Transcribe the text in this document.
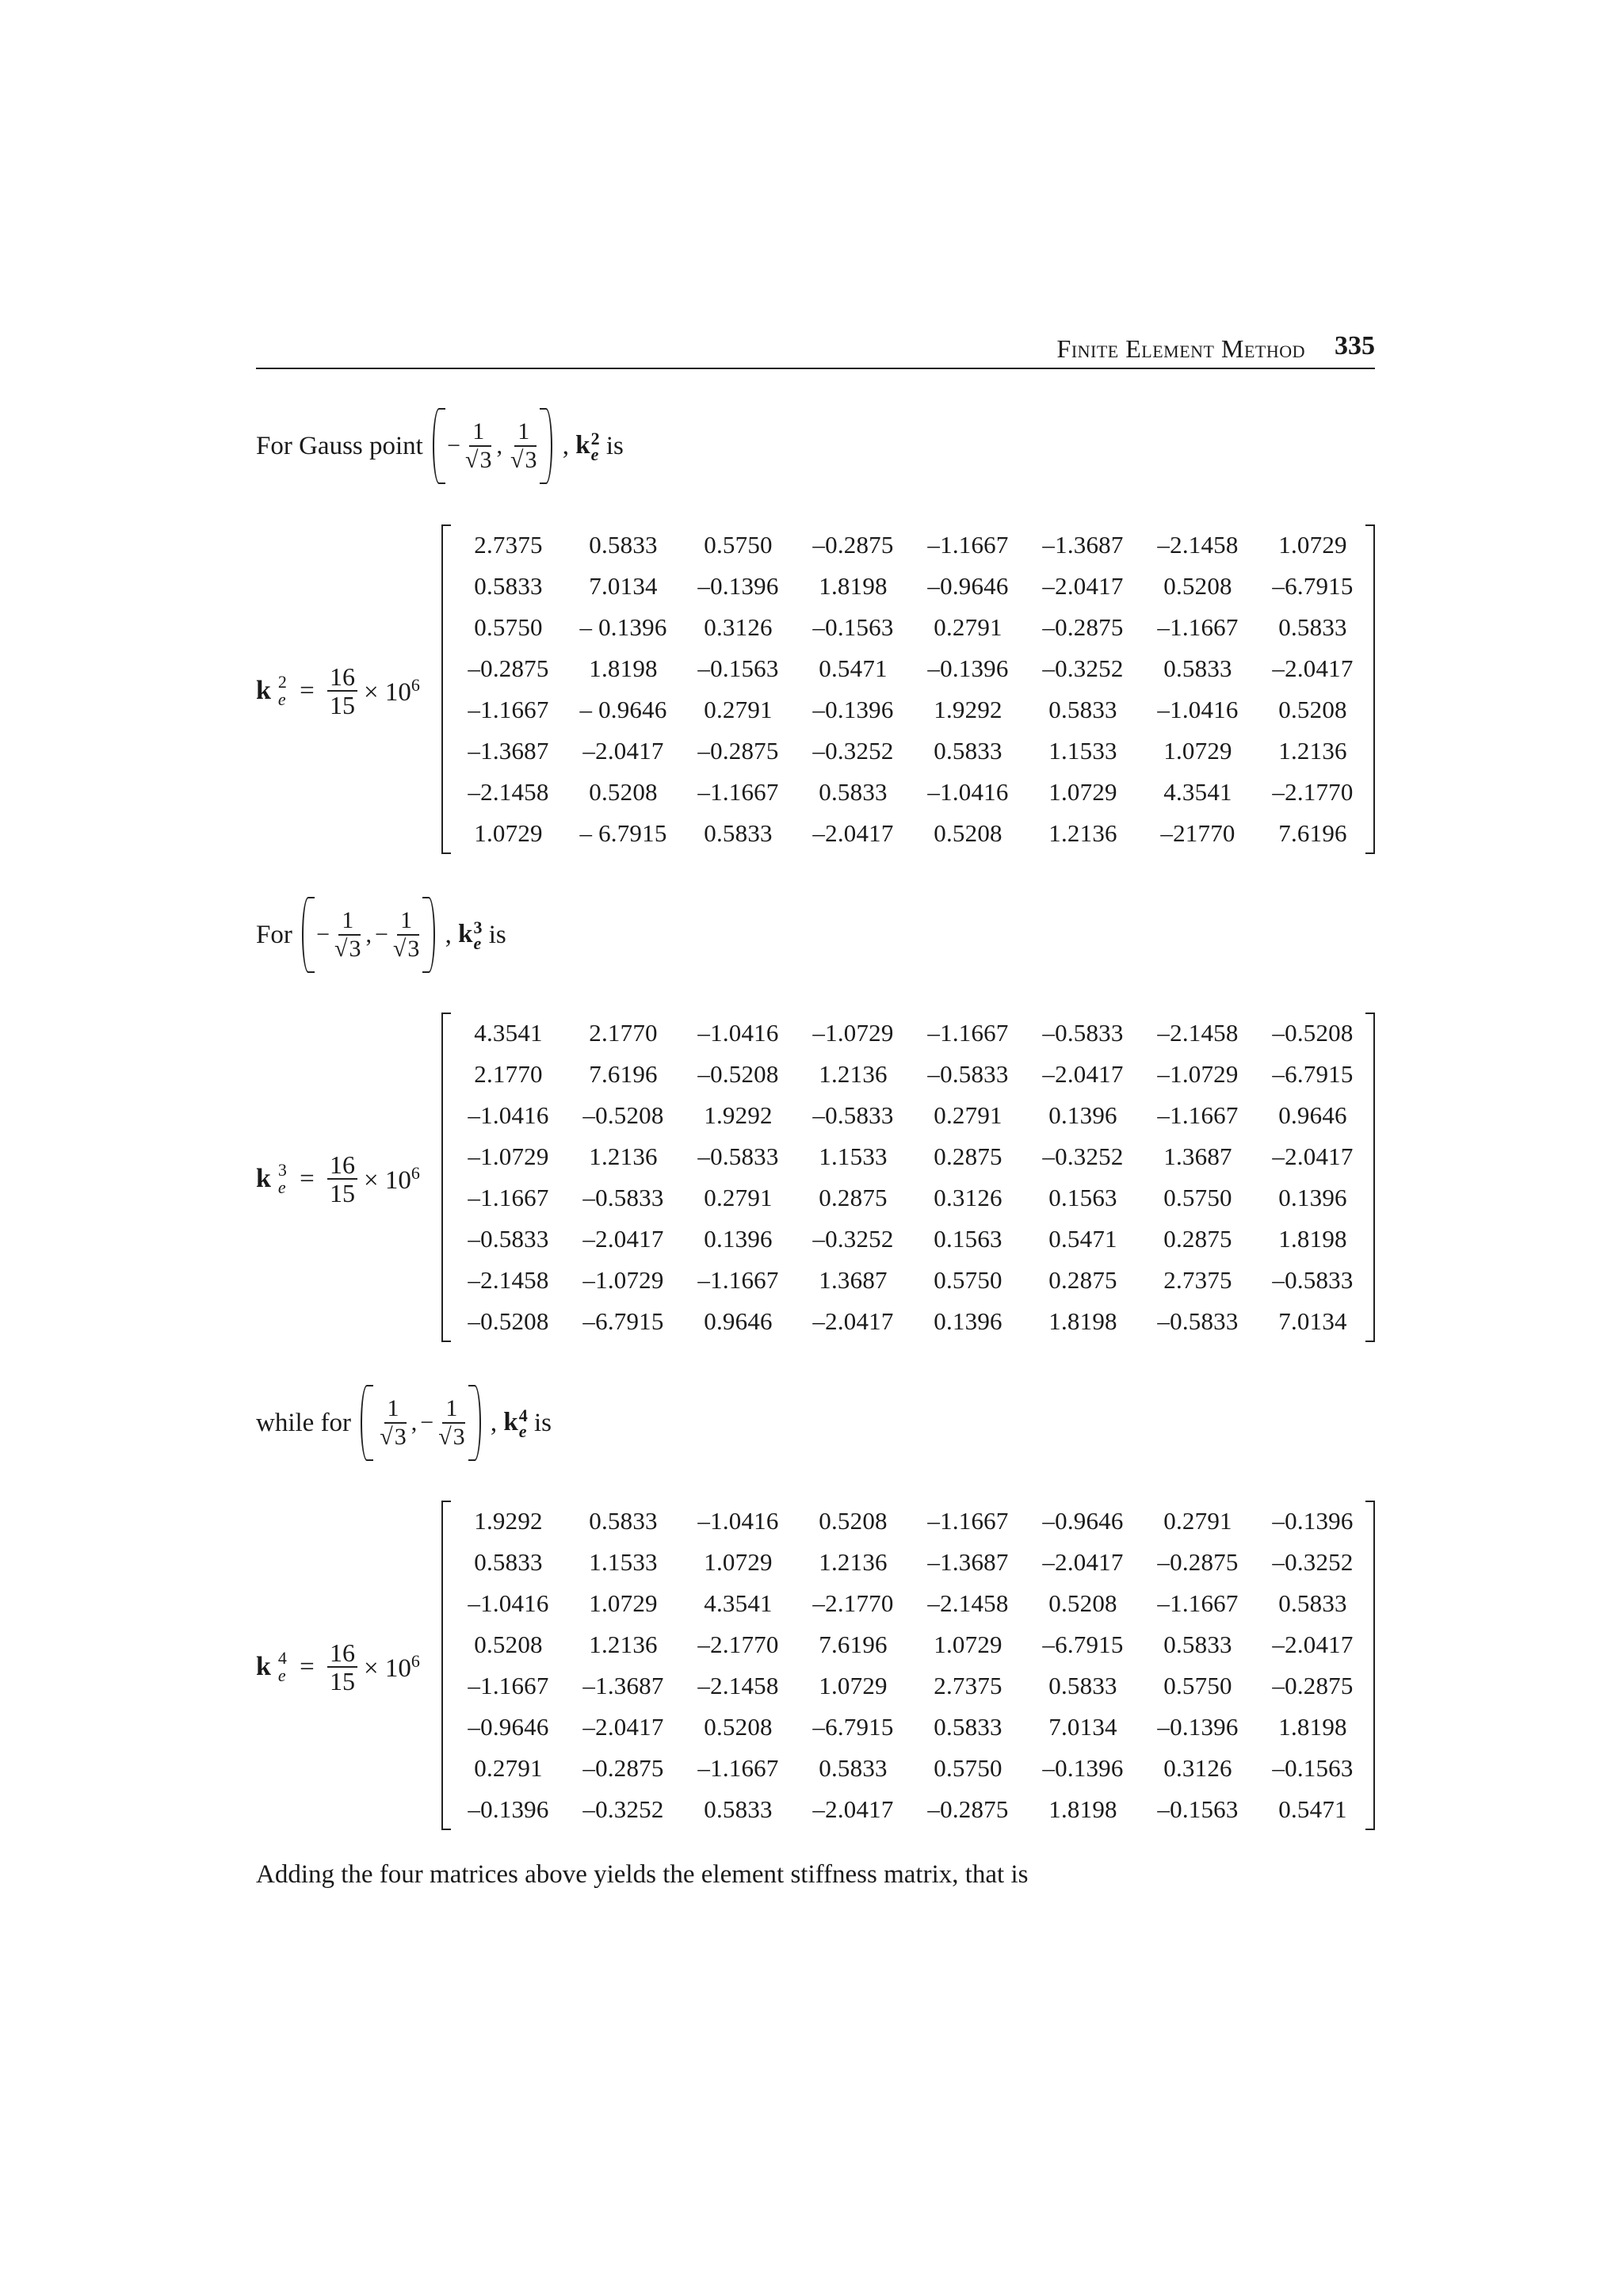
Finite Element Method 335
For Gauss point − $\frac{1}{√3}$ , $\frac{1}{√3}$ , k 2
e is
k 2
$e = \frac{16}{15} \times 10^6$
2.7375	0.5833	0.5750	–0.2875	–1.1667	–1.3687	–2.1458	1.0729
0.5833	7.0134	–0.1396	1.8198	–0.9646	–2.0417	0.5208	–6.7915
0.5750	– 0.1396	0.3126	–0.1563	0.2791	–0.2875	–1.1667	0.5833
–0.2875	1.8198	–0.1563	0.5471	–0.1396	–0.3252	0.5833	–2.0417
–1.1667	– 0.9646	0.2791	–0.1396	1.9292	0.5833	–1.0416	0.5208
–1.3687	–2.0417	–0.2875	–0.3252	0.5833	1.1533	1.0729	1.2136
–2.1458	0.5208	–1.1667	0.5833	–1.0416	1.0729	4.3541	–2.1770
1.0729	– 6.7915	0.5833	–2.0417	0.5208	1.2136	–21770	7.6196
For − $\frac{1}{√3}$ , − $\frac{1}{√3}$ , k 3
e is
k 3
$e = \frac{16}{15} \times 10^6$
4.3541	2.1770	–1.0416	–1.0729	–1.1667	–0.5833	–2.1458	–0.5208
2.1770	7.6196	–0.5208	1.2136	–0.5833	–2.0417	–1.0729	–6.7915
–1.0416	–0.5208	1.9292	–0.5833	0.2791	0.1396	–1.1667	0.9646
–1.0729	1.2136	–0.5833	1.1533	0.2875	–0.3252	1.3687	–2.0417
–1.1667	–0.5833	0.2791	0.2875	0.3126	0.1563	0.5750	0.1396
–0.5833	–2.0417	0.1396	–0.3252	0.1563	0.5471	0.2875	1.8198
–2.1458	–1.0729	–1.1667	1.3687	0.5750	0.2875	2.7375	–0.5833
–0.5208	–6.7915	0.9646	–2.0417	0.1396	1.8198	–0.5833	7.0134
while for $\frac{1}{√3}$ , − $\frac{1}{√3}$ , k 4
e is
k 4
$e = \frac{16}{15} \times 10^6$
1.9292	0.5833	–1.0416	0.5208	–1.1667	–0.9646	0.2791	–0.1396
0.5833	1.1533	1.0729	1.2136	–1.3687	–2.0417	–0.2875	–0.3252
–1.0416	1.0729	4.3541	–2.1770	–2.1458	0.5208	–1.1667	0.5833
0.5208	1.2136	–2.1770	7.6196	1.0729	–6.7915	0.5833	–2.0417
–1.1667	–1.3687	–2.1458	1.0729	2.7375	0.5833	0.5750	–0.2875
–0.9646	–2.0417	0.5208	–6.7915	0.5833	7.0134	–0.1396	1.8198
0.2791	–0.2875	–1.1667	0.5833	0.5750	–0.1396	0.3126	–0.1563
–0.1396	–0.3252	0.5833	–2.0417	–0.2875	1.8198	–0.1563	0.5471
Adding the four matrices above yields the element stiffness matrix, that is
